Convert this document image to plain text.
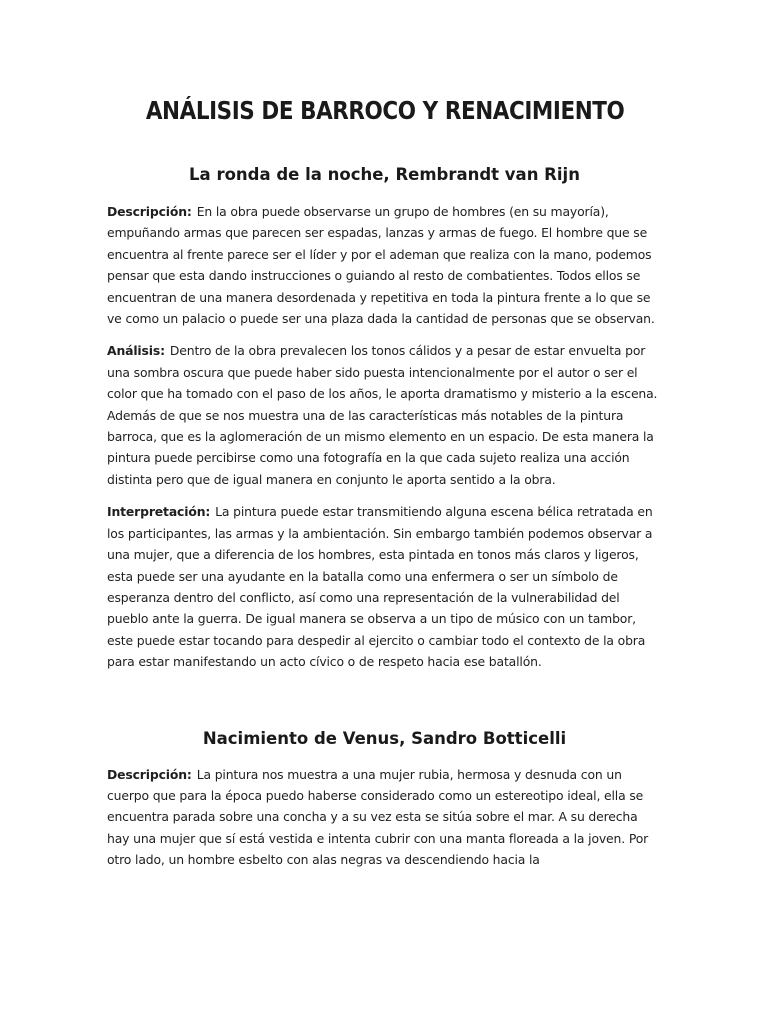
ANÁLISIS DE BARROCO Y RENACIMIENTO
La ronda de la noche, Rembrandt van Rijn

Descripción: En la obra puede observarse un grupo de hombres (en su mayoría), empuñando armas que parecen ser espadas, lanzas y armas de fuego. El hombre que se encuentra al frente parece ser el líder y por el ademan que realiza con la mano, podemos pensar que esta dando instrucciones o guiando al resto de combatientes. Todos ellos se encuentran de una manera desordenada y repetitiva en toda la pintura frente a lo que se ve como un palacio o puede ser una plaza dada la cantidad de personas que se observan.

Análisis: Dentro de la obra prevalecen los tonos cálidos y a pesar de estar envuelta por una sombra oscura que puede haber sido puesta intencionalmente por el autor o ser el color que ha tomado con el paso de los años, le aporta dramatismo y misterio a la escena. Además de que se nos muestra una de las características más notables de la pintura barroca, que es la aglomeración de un mismo elemento en un espacio. De esta manera la pintura puede percibirse como una fotografía en la que cada sujeto realiza una acción distinta pero que de igual manera en conjunto le aporta sentido a la obra.

Interpretación: La pintura puede estar transmitiendo alguna escena bélica retratada en los participantes, las armas y la ambientación. Sin embargo también podemos observar a una mujer, que a diferencia de los hombres, esta pintada en tonos más claros y ligeros, esta puede ser una ayudante en la batalla como una enfermera o ser un símbolo de esperanza dentro del conflicto, así como una representación de la vulnerabilidad del pueblo ante la guerra. De igual manera se observa a un tipo de músico con un tambor, este puede estar tocando para despedir al ejercito o cambiar todo el contexto de la obra para estar manifestando un acto cívico o de respeto hacia ese batallón.

Nacimiento de Venus, Sandro Botticelli

Descripción: La pintura nos muestra a una mujer rubia, hermosa y desnuda con un cuerpo que para la época puedo haberse considerado como un estereotipo ideal, ella se encuentra parada sobre una concha y a su vez esta se sitúa sobre el mar. A su derecha hay una mujer que sí está vestida e intenta cubrir con una manta floreada a la joven. Por otro lado, un hombre esbelto con alas negras va descendiendo hacia la
